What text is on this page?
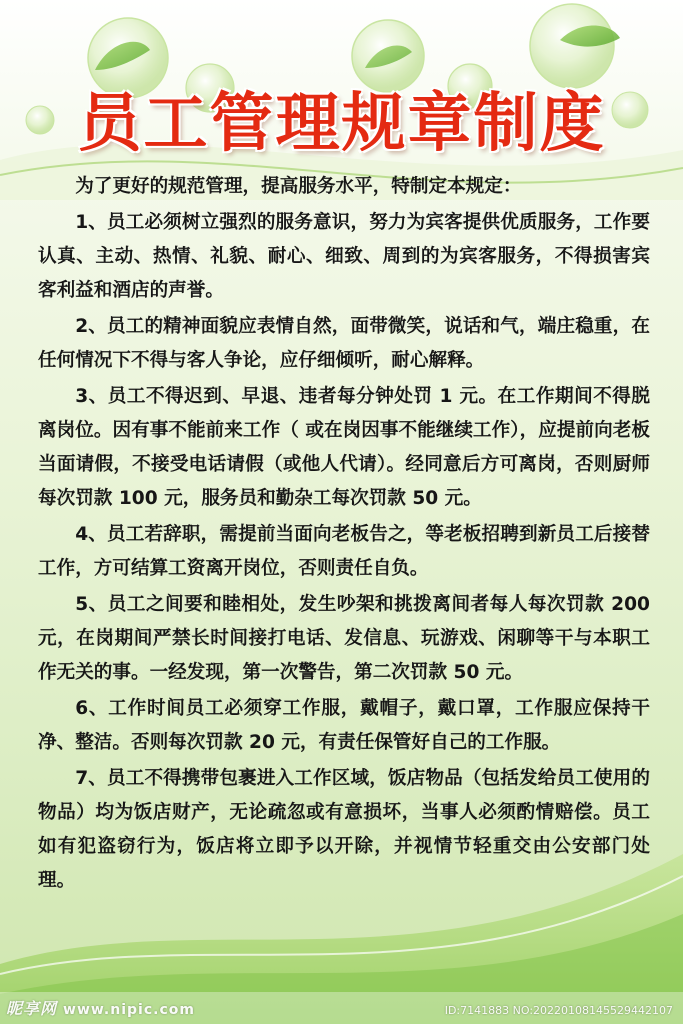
员工管理规章制度

为了更好的规范管理，提高服务水平，特制定本规定：

1、员工必须树立强烈的服务意识，努力为宾客提供优质服务，工作要认真、主动、热情、礼貌、耐心、细致、周到的为宾客服务，不得损害宾客利益和酒店的声誉。

2、员工的精神面貌应表情自然，面带微笑，说话和气，端庄稳重，在任何情况下不得与客人争论，应仔细倾听，耐心解释。

3、员工不得迟到、早退、违者每分钟处罚 1 元。在工作期间不得脱离岗位。因有事不能前来工作（ 或在岗因事不能继续工作），应提前向老板当面请假，不接受电话请假（或他人代请）。经同意后方可离岗，否则厨师每次罚款 100 元，服务员和勤杂工每次罚款 50 元。

4、员工若辞职，需提前当面向老板告之，等老板招聘到新员工后接替工作，方可结算工资离开岗位，否则责任自负。

5、员工之间要和睦相处，发生吵架和挑拨离间者每人每次罚款 200 元，在岗期间严禁长时间接打电话、发信息、玩游戏、闲聊等干与本职工作无关的事。一经发现，第一次警告，第二次罚款 50 元。

6、工作时间员工必须穿工作服，戴帽子，戴口罩，工作服应保持干净、整洁。否则每次罚款 20 元，有责任保管好自己的工作服。

7、员工不得携带包裹进入工作区域，饭店物品（包括发给员工使用的物品）均为饭店财产，无论疏忽或有意损坏，当事人必须酌情赔偿。员工如有犯盗窃行为，饭店将立即予以开除，并视情节轻重交由公安部门处理。

昵享网 www.nipic.com	ID:7141883 NO:20220108145529442107
